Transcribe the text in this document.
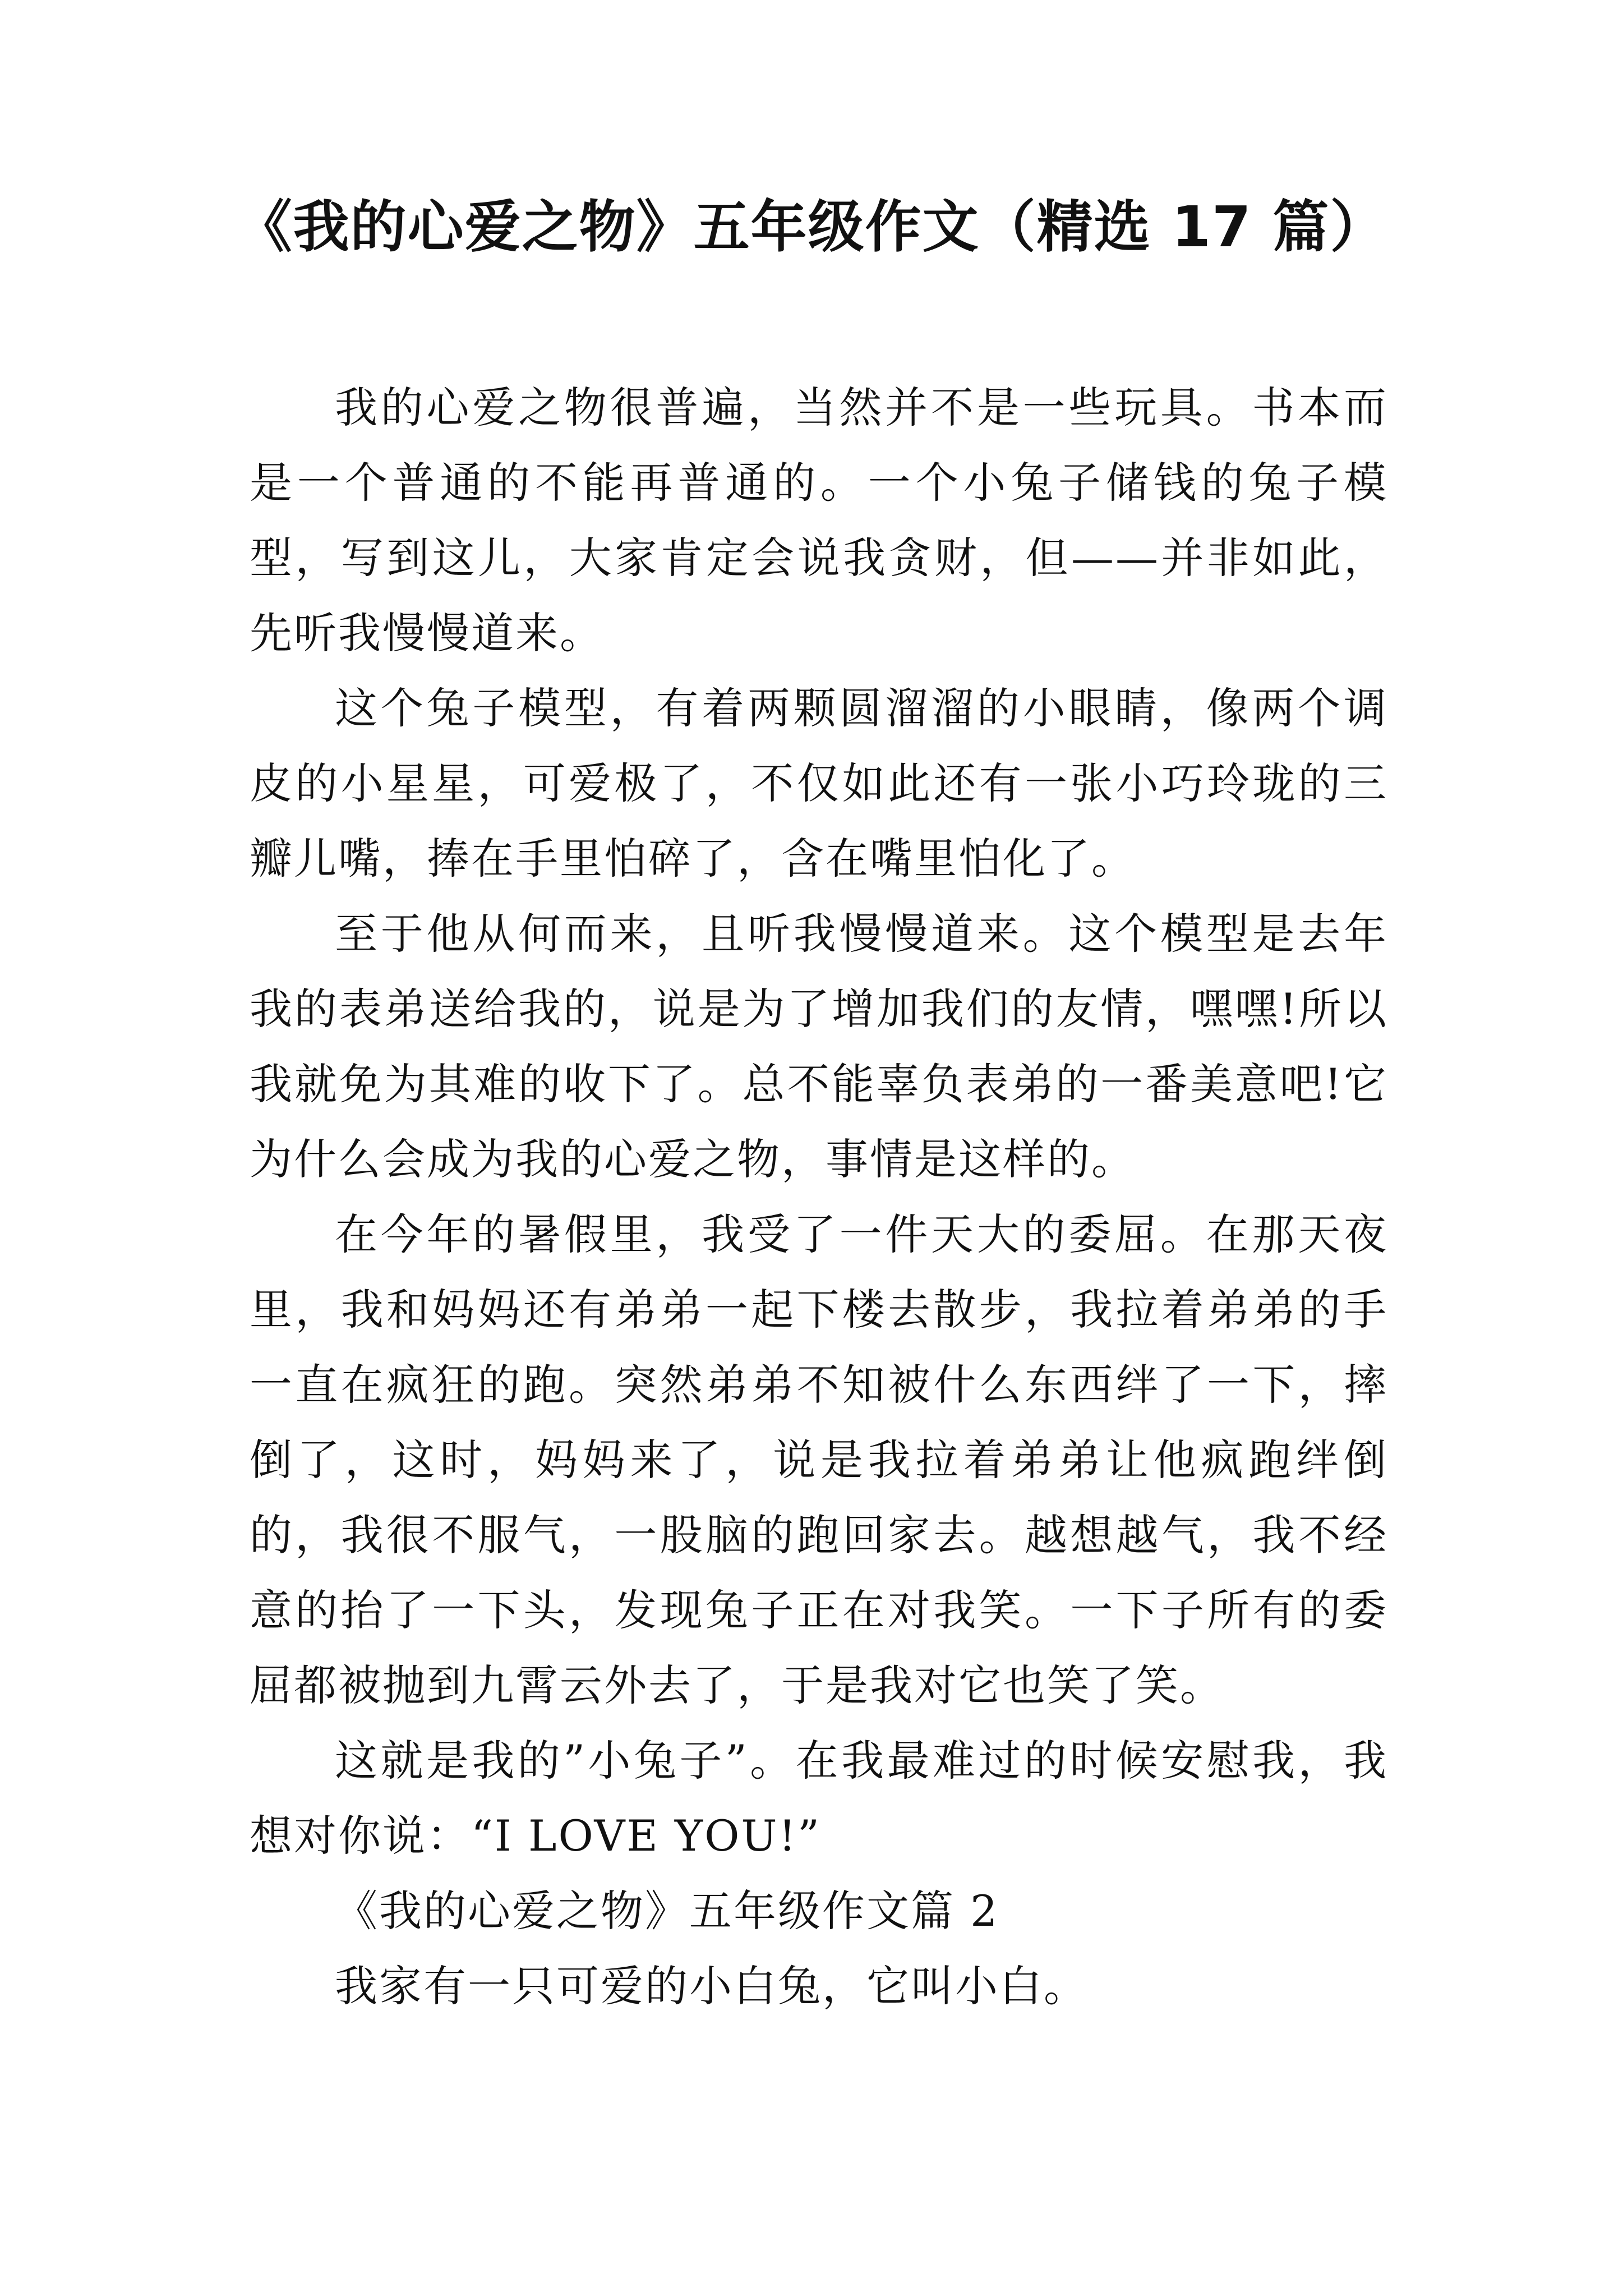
《我的心爱之物》五年级作文（精选 17 篇）

我的心爱之物很普遍，当然并不是一些玩具。书本而是一个普通的不能再普通的。一个小兔子储钱的兔子模型，写到这儿，大家肯定会说我贪财，但——并非如此，先听我慢慢道来。

这个兔子模型，有着两颗圆溜溜的小眼睛，像两个调皮的小星星，可爱极了，不仅如此还有一张小巧玲珑的三瓣儿嘴，捧在手里怕碎了，含在嘴里怕化了。

至于他从何而来，且听我慢慢道来。这个模型是去年我的表弟送给我的，说是为了增加我们的友情，嘿嘿!所以我就免为其难的收下了。总不能辜负表弟的一番美意吧!它为什么会成为我的心爱之物，事情是这样的。

在今年的暑假里，我受了一件天大的委屈。在那天夜里，我和妈妈还有弟弟一起下楼去散步，我拉着弟弟的手一直在疯狂的跑。突然弟弟不知被什么东西绊了一下，摔倒了，这时，妈妈来了，说是我拉着弟弟让他疯跑绊倒的，我很不服气，一股脑的跑回家去。越想越气，我不经意的抬了一下头，发现兔子正在对我笑。一下子所有的委屈都被抛到九霄云外去了，于是我对它也笑了笑。

这就是我的”小兔子”。在我最难过的时候安慰我，我想对你说：“I LOVE YOU!”

《我的心爱之物》五年级作文篇 2

我家有一只可爱的小白兔，它叫小白。
